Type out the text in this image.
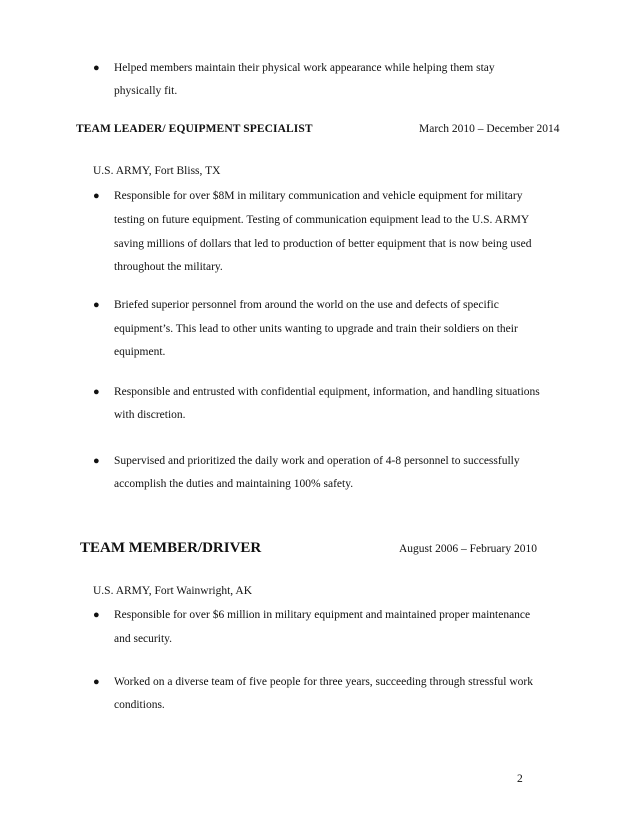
● Helped members maintain their physical work appearance while helping them stay
physically fit.
TEAM LEADER/ EQUIPMENT SPECIALIST	March 2010 – December 2014
U.S. ARMY, Fort Bliss, TX
● Responsible for over $8M in military communication and vehicle equipment for military
testing on future equipment. Testing of communication equipment lead to the U.S. ARMY
saving millions of dollars that led to production of better equipment that is now being used
throughout the military.
● Briefed superior personnel from around the world on the use and defects of specific
equipment’s. This lead to other units wanting to upgrade and train their soldiers on their
equipment.
● Responsible and entrusted with confidential equipment, information, and handling situations
with discretion.
● Supervised and prioritized the daily work and operation of 4-8 personnel to successfully
accomplish the duties and maintaining 100% safety.
TEAM MEMBER/DRIVER	August 2006 – February 2010
U.S. ARMY, Fort Wainwright, AK
● Responsible for over $6 million in military equipment and maintained proper maintenance
and security.
● Worked on a diverse team of five people for three years, succeeding through stressful work
conditions.
2
